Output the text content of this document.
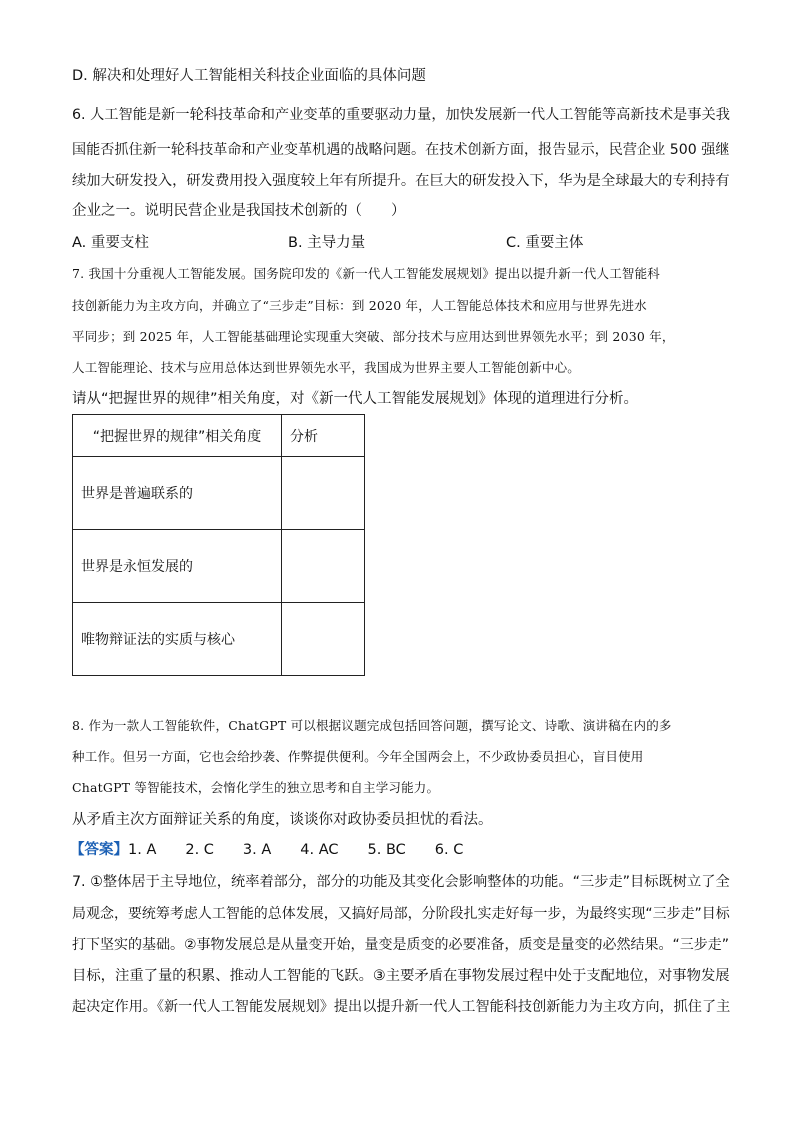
D. 解决和处理好人工智能相关科技企业面临的具体问题
6. 人工智能是新一轮科技革命和产业变革的重要驱动力量，加快发展新一代人工智能等高新技术是事关我
国能否抓住新一轮科技革命和产业变革机遇的战略问题。在技术创新方面，报告显示，民营企业 500 强继
续加大研发投入，研发费用投入强度较上年有所提升。在巨大的研发投入下，华为是全球最大的专利持有
企业之一。说明民营企业是我国技术创新的（　　）
A. 重要支柱	B. 主导力量	C. 重要主体
7. 我国十分重视人工智能发展。国务院印发的《新一代人工智能发展规划》提出以提升新一代人工智能科
技创新能力为主攻方向，并确立了“三步走”目标：到 2020 年，人工智能总体技术和应用与世界先进水
平同步；到 2025 年，人工智能基础理论实现重大突破、部分技术与应用达到世界领先水平；到 2030 年，
人工智能理论、技术与应用总体达到世界领先水平，我国成为世界主要人工智能创新中心。
请从“把握世界的规律”相关角度，对《新一代人工智能发展规划》体现的道理进行分析。
“把握世界的规律”相关角度	分析
世界是普遍联系的	
世界是永恒发展的	
唯物辩证法的实质与核心	
8. 作为一款人工智能软件，ChatGPT 可以根据议题完成包括回答问题，撰写论文、诗歌、演讲稿在内的多
种工作。但另一方面，它也会给抄袭、作弊提供便利。今年全国两会上，不少政协委员担心，盲目使用
ChatGPT 等智能技术，会惰化学生的独立思考和自主学习能力。
从矛盾主次方面辩证关系的角度，谈谈你对政协委员担忧的看法。
【答案】1. A　　2. C　　3. A　　4. AC　　5. BC　　6. C
7. ①整体居于主导地位，统率着部分，部分的功能及其变化会影响整体的功能。“三步走”目标既树立了全
局观念，要统筹考虑人工智能的总体发展，又搞好局部，分阶段扎实走好每一步，为最终实现“三步走”目标
打下坚实的基础。②事物发展总是从量变开始，量变是质变的必要准备，质变是量变的必然结果。“三步走”
目标，注重了量的积累、推动人工智能的飞跃。③主要矛盾在事物发展过程中处于支配地位，对事物发展
起决定作用。《新一代人工智能发展规划》提出以提升新一代人工智能科技创新能力为主攻方向，抓住了主
